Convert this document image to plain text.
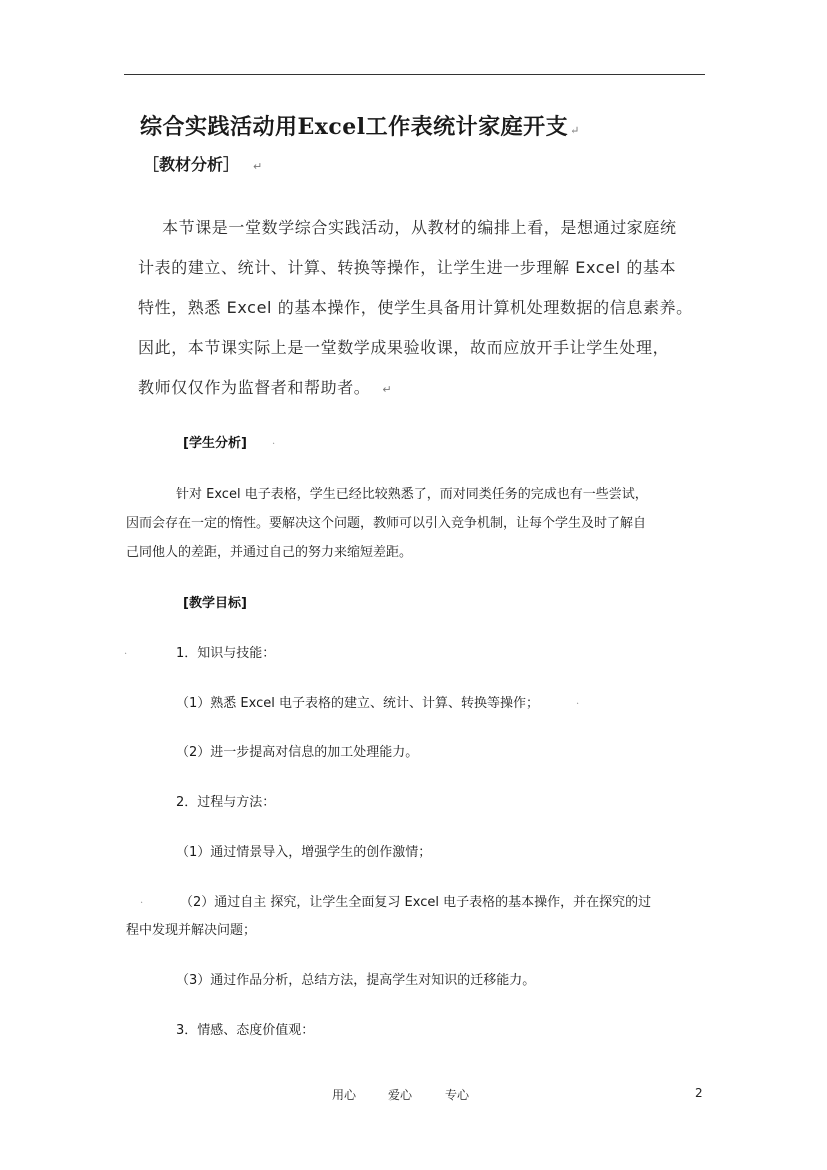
综合实践活动用Excel工作表统计家庭开支 ↵
［教材分析］ ↵
本节课是一堂数学综合实践活动，从教材的编排上看，是想通过家庭统
计表的建立、统计、计算、转换等操作，让学生进一步理解 Excel 的基本
特性，熟悉 Excel 的基本操作，使学生具备用计算机处理数据的信息素养。
因此，本节课实际上是一堂数学成果验收课，故而应放开手让学生处理，
教师仅仅作为监督者和帮助者。 ↵
[学生分析]	.
针对 Excel 电子表格，学生已经比较熟悉了，而对同类任务的完成也有一些尝试，
因而会存在一定的惰性。要解决这个问题，教师可以引入竞争机制，让每个学生及时了解自
己同他人的差距，并通过自己的努力来缩短差距。
[教学目标]
.	1．知识与技能：
（1）熟悉 Excel 电子表格的建立、统计、计算、转换等操作；	.
（2）进一步提高对信息的加工处理能力。
2．过程与方法：
（1）通过情景导入，增强学生的创作激情；
.	（2）通过自主 探究，让学生全面复习 Excel 电子表格的基本操作，并在探究的过
程中发现并解决问题；
（3）通过作品分析，总结方法，提高学生对知识的迁移能力。
3．情感、态度价值观：
用心	爱心	专心	2
